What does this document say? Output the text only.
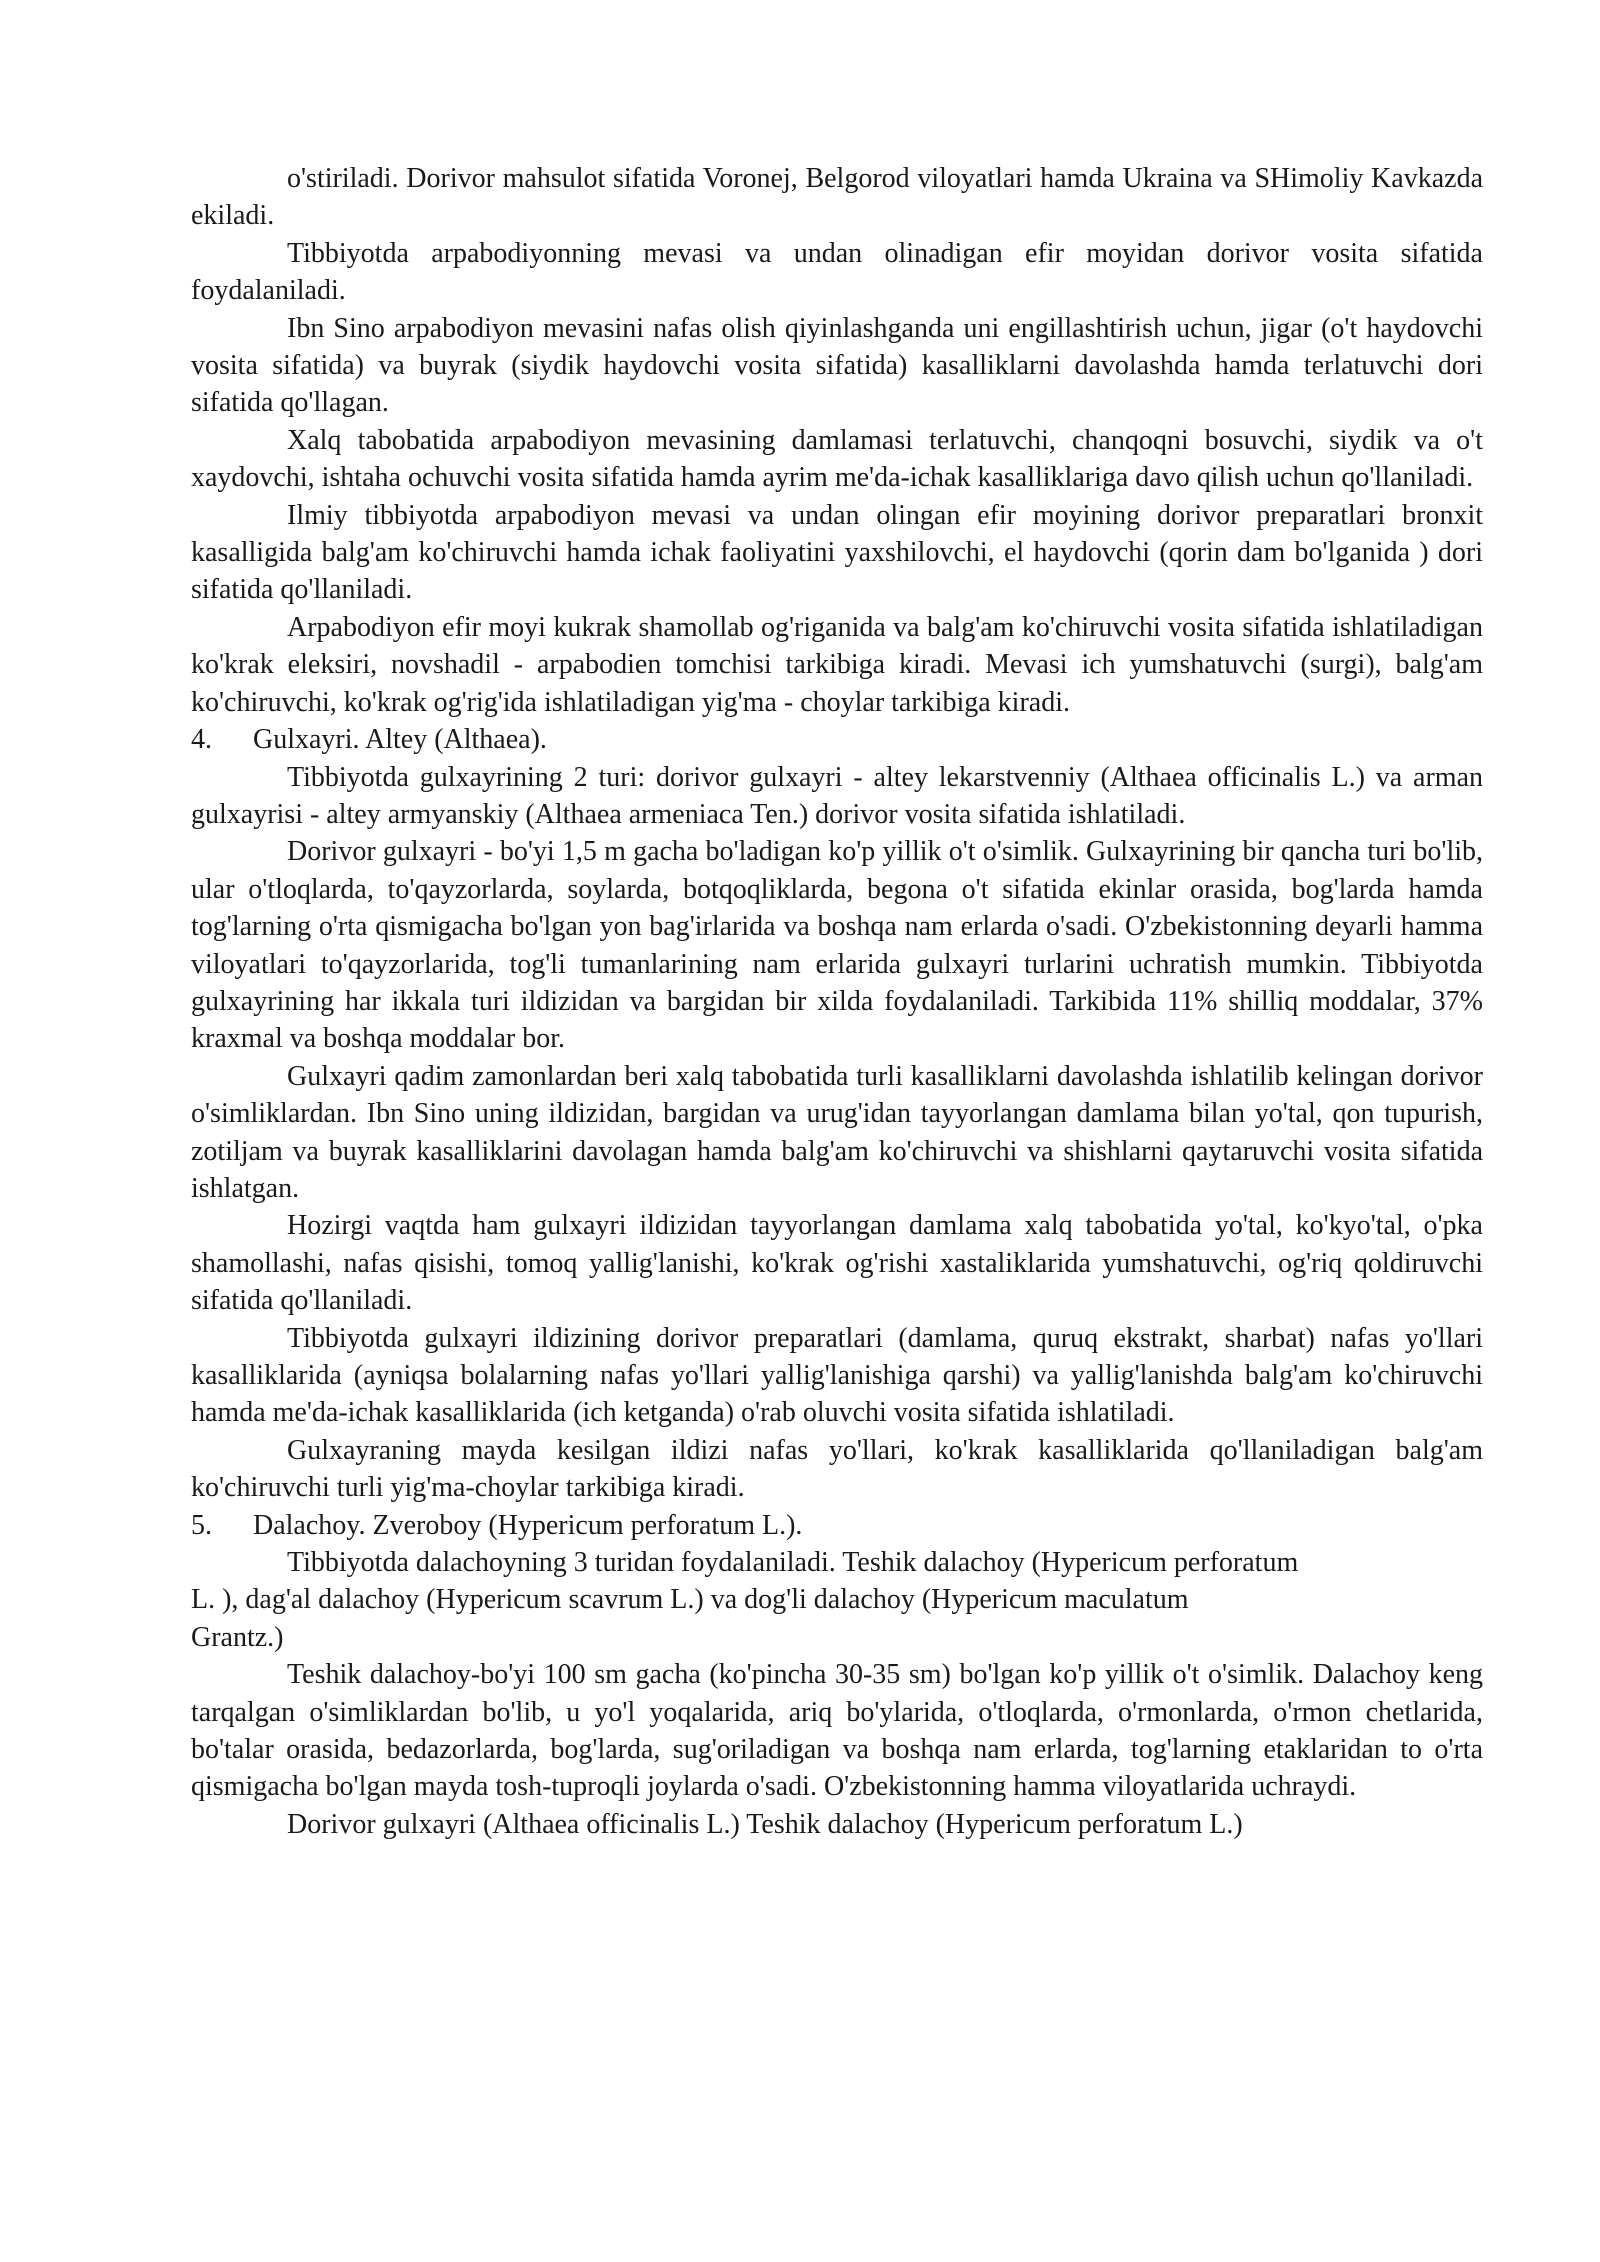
o'stiriladi. Dorivor mahsulot sifatida Voronej, Belgorod viloyatlari hamda Ukraina va SHimoliy Kavkazda ekiladi.

Tibbiyotda arpabodiyonning mevasi va undan olinadigan efir moyidan dorivor vosita sifatida foydalaniladi.

Ibn Sino arpabodiyon mevasini nafas olish qiyinlashganda uni engillashtirish uchun, jigar (o't haydovchi vosita sifatida) va buyrak (siydik haydovchi vosita sifatida) kasalliklarni davolashda hamda terlatuvchi dori sifatida qo'llagan.

Xalq tabobatida arpabodiyon mevasining damlamasi terlatuvchi, chanqoqni bosuvchi, siydik va o't xaydovchi, ishtaha ochuvchi vosita sifatida hamda ayrim me'da-ichak kasalliklariga davo qilish uchun qo'llaniladi.

Ilmiy tibbiyotda arpabodiyon mevasi va undan olingan efir moyining dorivor preparatlari bronxit kasalligida balg'am ko'chiruvchi hamda ichak faoliyatini yaxshilovchi, el haydovchi (qorin dam bo'lganida ) dori sifatida qo'llaniladi.

Arpabodiyon efir moyi kukrak shamollab og'riganida va balg'am ko'chiruvchi vosita sifatida ishlatiladigan ko'krak eleksiri, novshadil - arpabodien tomchisi tarkibiga kiradi. Mevasi ich yumshatuvchi (surgi), balg'am ko'chiruvchi, ko'krak og'rig'ida ishlatiladigan yig'ma - choylar tarkibiga kiradi.

4. Gulxayri. Altey (Althaea).

Tibbiyotda gulxayrining 2 turi: dorivor gulxayri - altey lekarstvenniy (Althaea officinalis L.) va arman gulxayrisi - altey armyanskiy (Althaea armeniaca Ten.) dorivor vosita sifatida ishlatiladi.

Dorivor gulxayri - bo'yi 1,5 m gacha bo'ladigan ko'p yillik o't o'simlik. Gulxayrining bir qancha turi bo'lib, ular o'tloqlarda, to'qayzorlarda, soylarda, botqoqliklarda, begona o't sifatida ekinlar orasida, bog'larda hamda tog'larning o'rta qismigacha bo'lgan yon bag'irlarida va boshqa nam erlarda o'sadi. O'zbekistonning deyarli hamma viloyatlari to'qayzorlarida, tog'li tumanlarining nam erlarida gulxayri turlarini uchratish mumkin. Tibbiyotda gulxayrining har ikkala turi ildizidan va bargidan bir xilda foydalaniladi. Tarkibida 11% shilliq moddalar, 37% kraxmal va boshqa moddalar bor.

Gulxayri qadim zamonlardan beri xalq tabobatida turli kasalliklarni davolashda ishlatilib kelingan dorivor o'simliklardan. Ibn Sino uning ildizidan, bargidan va urug'idan tayyorlangan damlama bilan yo'tal, qon tupurish, zotiljam va buyrak kasalliklarini davolagan hamda balg'am ko'chiruvchi va shishlarni qaytaruvchi vosita sifatida ishlatgan.

Hozirgi vaqtda ham gulxayri ildizidan tayyorlangan damlama xalq tabobatida yo'tal, ko'kyo'tal, o'pka shamollashi, nafas qisishi, tomoq yallig'lanishi, ko'krak og'rishi xastaliklarida yumshatuvchi, og'riq qoldiruvchi sifatida qo'llaniladi.

Tibbiyotda gulxayri ildizining dorivor preparatlari (damlama, quruq ekstrakt, sharbat) nafas yo'llari kasalliklarida (ayniqsa bolalarning nafas yo'llari yallig'lanishiga qarshi) va yallig'lanishda balg'am ko'chiruvchi hamda me'da-ichak kasalliklarida (ich ketganda) o'rab oluvchi vosita sifatida ishlatiladi.

Gulxayraning mayda kesilgan ildizi nafas yo'llari, ko'krak kasalliklarida qo'llaniladigan balg'am ko'chiruvchi turli yig'ma-choylar tarkibiga kiradi.

5. Dalachoy. Zveroboy (Hypericum perforatum L.).

Tibbiyotda dalachoyning 3 turidan foydalaniladi. Teshik dalachoy (Hypericum perforatum

L. ), dag'al dalachoy (Hypericum scavrum L.) va dog'li dalachoy (Hypericum maculatum

Grantz.)

Teshik dalachoy-bo'yi 100 sm gacha (ko'pincha 30-35 sm) bo'lgan ko'p yillik o't o'simlik. Dalachoy keng tarqalgan o'simliklardan bo'lib, u yo'l yoqalarida, ariq bo'ylarida, o'tloqlarda, o'rmonlarda, o'rmon chetlarida, bo'talar orasida, bedazorlarda, bog'larda, sug'oriladigan va boshqa nam erlarda, tog'larning etaklaridan to o'rta qismigacha bo'lgan mayda tosh-tuproqli joylarda o'sadi. O'zbekistonning hamma viloyatlarida uchraydi.

Dorivor gulxayri (Althaea officinalis L.) Teshik dalachoy (Hypericum perforatum L.)
